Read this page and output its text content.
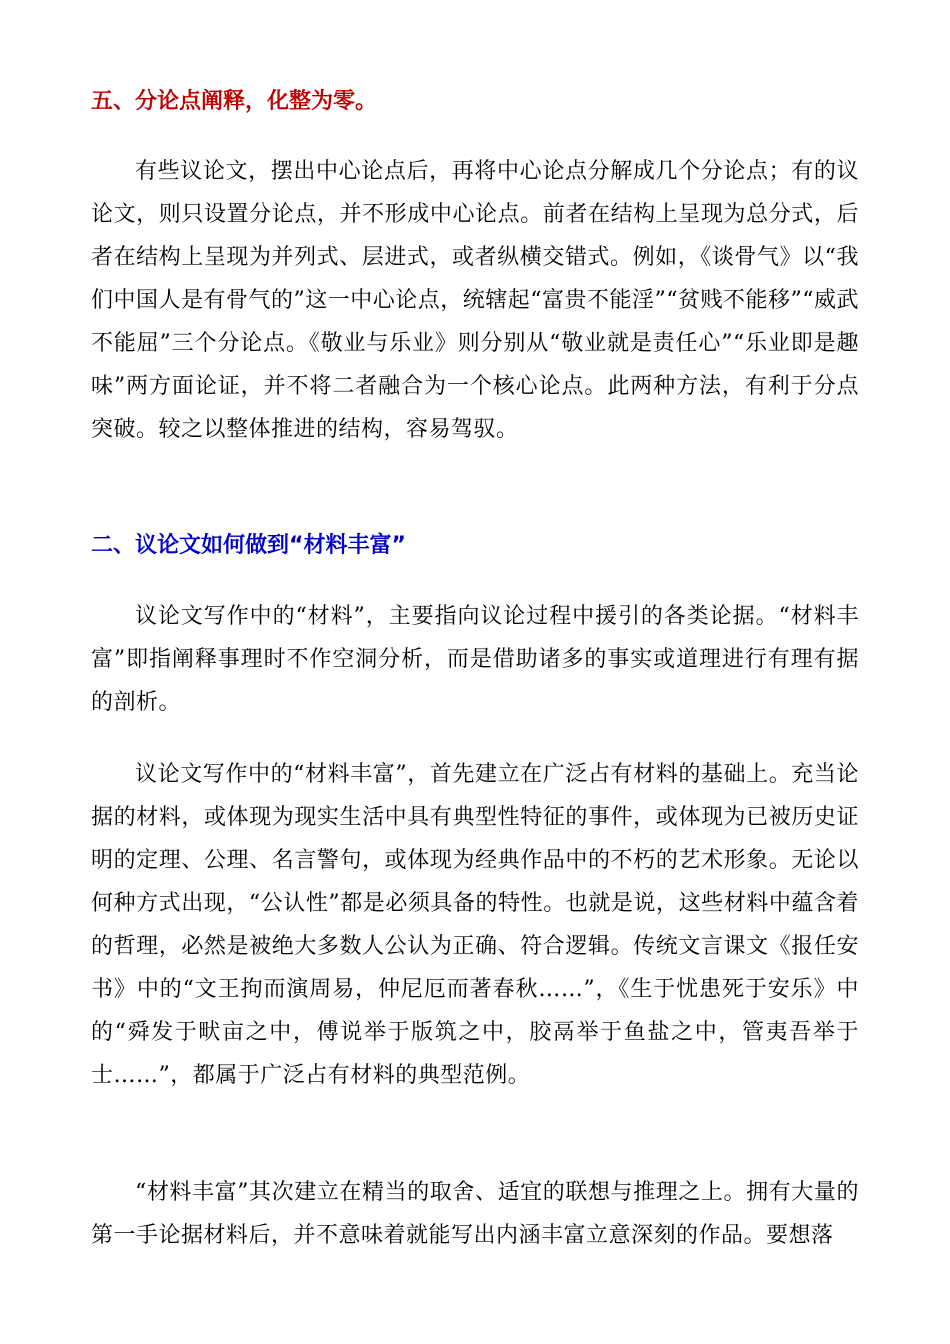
五、分论点阐释，化整为零。

有些议论文，摆出中心论点后，再将中心论点分解成几个分论点；有的议论文，则只设置分论点，并不形成中心论点。前者在结构上呈现为总分式，后者在结构上呈现为并列式、层进式，或者纵横交错式。例如，《谈骨气》以“我们中国人是有骨气的”这一中心论点，统辖起“富贵不能淫”“贫贱不能移”“威武不能屈”三个分论点。《敬业与乐业》则分别从“敬业就是责任心”“乐业即是趣味”两方面论证，并不将二者融合为一个核心论点。此两种方法，有利于分点突破。较之以整体推进的结构，容易驾驭。

二、议论文如何做到“材料丰富”

议论文写作中的“材料”，主要指向议论过程中援引的各类论据。“材料丰富”即指阐释事理时不作空洞分析，而是借助诸多的事实或道理进行有理有据的剖析。

议论文写作中的“材料丰富”，首先建立在广泛占有材料的基础上。充当论据的材料，或体现为现实生活中具有典型性特征的事件，或体现为已被历史证明的定理、公理、名言警句，或体现为经典作品中的不朽的艺术形象。无论以何种方式出现，“公认性”都是必须具备的特性。也就是说，这些材料中蕴含着的哲理，必然是被绝大多数人公认为正确、符合逻辑。传统文言课文《报任安书》中的“文王拘而演周易，仲尼厄而著春秋……”，《生于忧患死于安乐》中的“舜发于畎亩之中，傅说举于版筑之中，胶鬲举于鱼盐之中，管夷吾举于士……”，都属于广泛占有材料的典型范例。

“材料丰富”其次建立在精当的取舍、适宜的联想与推理之上。拥有大量的第一手论据材料后，并不意味着就能写出内涵丰富立意深刻的作品。要想落
